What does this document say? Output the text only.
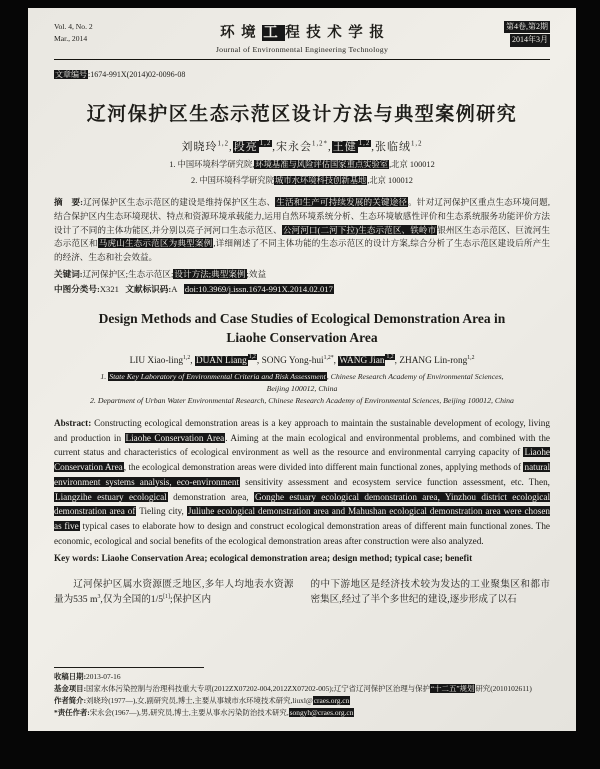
Vol. 4, No. 2
Mar., 2014	环境工程技术学报
Journal of Environmental Engineering Technology
第4卷,第2期
2014年3月

文章编号:1674-991X(2014)02-0096-08

辽河保护区生态示范区设计方法与典型案例研究

刘晓玲$^{1,2}$,段亮 $^{1,2}$,宋永会$^{1,2*}$,王健 $^{1,2}$,张临绒$^{1,2}$

1. 中国环境科学研究院,环境基准与风险评估国家重点实验室,北京 100012

2. 中国环境科学研究院城市水环境科技创新基地,北京 100012

摘　要:辽河保护区生态示范区的建设是维持保护区生态、生活和生产可持续发展的关键途径。针对辽河保护区重点生态环境问题,结合保护区内生态环境现状、特点和资源环境承载能力,运用自然环境系统分析、生态环境敏感性评价和生态系统服务功能评价方法设计了不同的主体功能区,并分别以亮子河河口生态示范区、公河河口(二河下拉)生态示范区、铁岭市银州区生态示范区、巨流河生态示范区和马虎山生态示范区为典型案例,详细阐述了不同主体功能的生态示范区的设计方案,综合分析了生态示范区建设后所产生的经济、生态和社会效益。

关键词:辽河保护区;生态示范区;设计方法;典型案例;效益

中图分类号:X321   文献标识码:A   doi:10.3969/j.issn.1674-991X.2014.02.017

Design Methods and Case Studies of Ecological Demonstration Area in Liaohe Conservation Area

LIU Xiao-ling$^{1,2}$, DUAN Liang $^{1,2}$, SONG Yong-hui$^{1,2*}$, WANG Jian $^{1,2}$, ZHANG Lin-rong$^{1,2}$

1. State Key Laboratory of Environmental Criteria and Risk Assessment, Chinese Research Academy of Environmental Sciences,

Beijing 100012, China

2. Department of Urban Water Environmental Research, Chinese Research Academy of Environmental Sciences, Beijing 100012, China

Abstract: Constructing ecological demonstration areas is a key approach to maintain the sustainable development of ecology, living and production in Liaohe Conservation Area. Aiming at the main ecological and environmental problems, and combined with the current status and characteristics of ecological environment as well as the resource and environmental carrying capacity of Liaohe Conservation Area, the ecological demonstration areas were divided into different main functional zones, applying methods of natural environment systems analysis, eco-environment sensitivity assessment and ecosystem service function assessment, etc. Then, Liangzihe estuary ecological demonstration area, Gonghe estuary ecological demonstration area, Yinzhou district ecological demonstration area of Tieling city, Juliuhe ecological demonstration area and Mahushan ecological demonstration area were chosen as five typical cases to elaborate how to design and construct ecological demonstration areas of different main functional zones. The economic, ecological and social benefits of the ecological demonstration areas after construction were also analyzed.

Key words: Liaohe Conservation Area; ecological demonstration area; design method; typical case; benefit

辽河保护区属水资源匮乏地区,多年人均地表水资源量为535 $m^3$,仅为全国的1/5[1];保护区内

的中下游地区是经济技术较为发达的工业聚集区和都市密集区,经过了半个多世纪的建设,逐步形成了以石

收稿日期:2013-07-16

基金项目:国家水体污染控制与治理科技重大专项(2012ZX07202-004,2012ZX07202-005);辽宁省辽河保护区治理与保护“十二五”规划研究(2010102611)

作者简介:刘晓玲(1977—),女,副研究员,博士,主要从事城市水环境技术研究,liuxl@craes.org.cn

*责任作者:宋永会(1967—),男,研究员,博士,主要从事水污染防治技术研究,songyh@craes.org.cn
